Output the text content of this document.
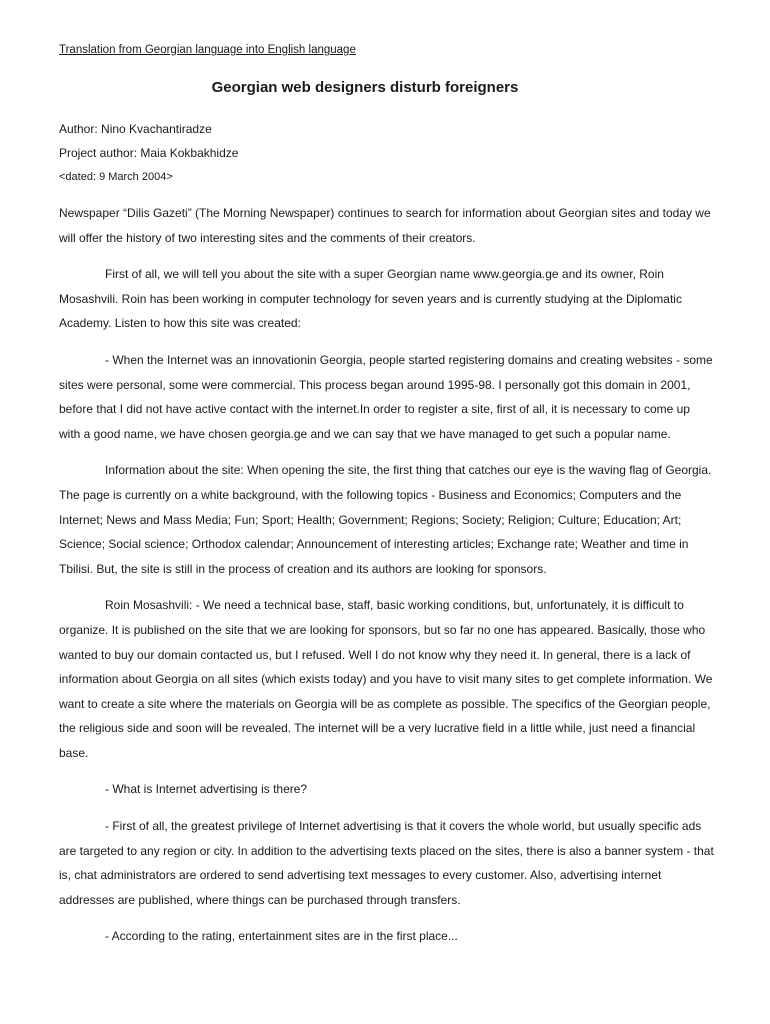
Translation from Georgian language into English language

Georgian web designers disturb foreigners

Author: Nino Kvachantiradze

Project author: Maia Kokbakhidze

<dated: 9 March 2004>

Newspaper “Dilis Gazeti” (The Morning Newspaper) continues to search for information about Georgian sites and today we will offer the history of two interesting sites and the comments of their creators.

First of all, we will tell you about the site with a super Georgian name www.georgia.ge and its owner, Roin Mosashvili. Roin has been working in computer technology for seven years and is currently studying at the Diplomatic Academy. Listen to how this site was created:

- When the Internet was an innovationin Georgia, people started registering domains and creating websites - some sites were personal, some were commercial. This process began around 1995-98. I personally got this domain in 2001, before that I did not have active contact with the internet.In order to register a site, first of all, it is necessary to come up with a good name, we have chosen georgia.ge and we can say that we have managed to get such a popular name.

Information about the site: When opening the site, the first thing that catches our eye is the waving flag of Georgia. The page is currently on a white background, with the following topics - Business and Economics; Computers and the Internet; News and Mass Media; Fun; Sport; Health; Government; Regions; Society; Religion; Culture; Education; Art; Science; Social science; Orthodox calendar; Announcement of interesting articles; Exchange rate; Weather and time in Tbilisi. But, the site is still in the process of creation and its authors are looking for sponsors.

Roin Mosashvili: - We need a technical base, staff, basic working conditions, but, unfortunately, it is difficult to organize. It is published on the site that we are looking for sponsors, but so far no one has appeared. Basically, those who wanted to buy our domain contacted us, but I refused. Well I do not know why they need it. In general, there is a lack of information about Georgia on all sites (which exists today) and you have to visit many sites to get complete information. We want to create a site where the materials on Georgia will be as complete as possible. The specifics of the Georgian people, the religious side and soon will be revealed. The internet will be a very lucrative field in a little while, just need a financial base.

- What is Internet advertising is there?

- First of all, the greatest privilege of Internet advertising is that it covers the whole world, but usually specific ads are targeted to any region or city. In addition to the advertising texts placed on the sites, there is also a banner system - that is, chat administrators are ordered to send advertising text messages to every customer. Also, advertising internet addresses are published, where things can be purchased through transfers.

- According to the rating, entertainment sites are in the first place...
